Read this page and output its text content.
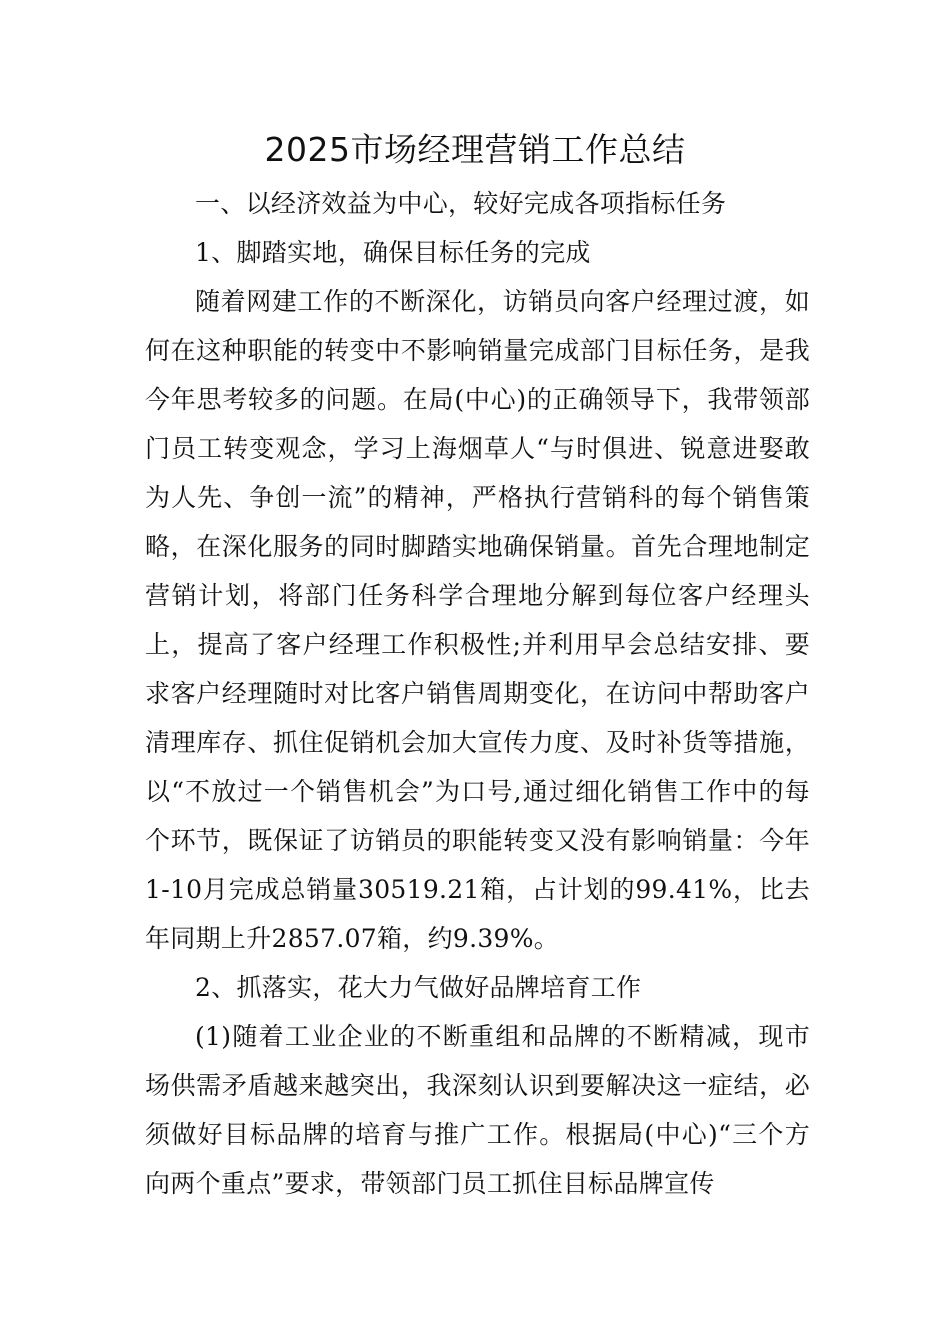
2025市场经理营销工作总结

一、以经济效益为中心，较好完成各项指标任务

1、脚踏实地，确保目标任务的完成

随着网建工作的不断深化，访销员向客户经理过渡，如何在这种职能的转变中不影响销量完成部门目标任务，是我今年思考较多的问题。在局(中心)的正确领导下，我带领部门员工转变观念，学习上海烟草人“与时俱进、锐意进娶敢为人先、争创一流”的精神，严格执行营销科的每个销售策略，在深化服务的同时脚踏实地确保销量。首先合理地制定营销计划，将部门任务科学合理地分解到每位客户经理头上，提高了客户经理工作积极性;并利用早会总结安排、要求客户经理随时对比客户销售周期变化，在访问中帮助客户清理库存、抓住促销机会加大宣传力度、及时补货等措施，以“不放过一个销售机会”为口号,通过细化销售工作中的每个环节，既保证了访销员的职能转变又没有影响销量：今年1-10月完成总销量30519.21箱，占计划的99.41%，比去年同期上升2857.07箱，约9.39%。

2、抓落实，花大力气做好品牌培育工作

(1)随着工业企业的不断重组和品牌的不断精减，现市场供需矛盾越来越突出，我深刻认识到要解决这一症结，必须做好目标品牌的培育与推广工作。根据局(中心)“三个方向两个重点”要求，带领部门员工抓住目标品牌宣传
